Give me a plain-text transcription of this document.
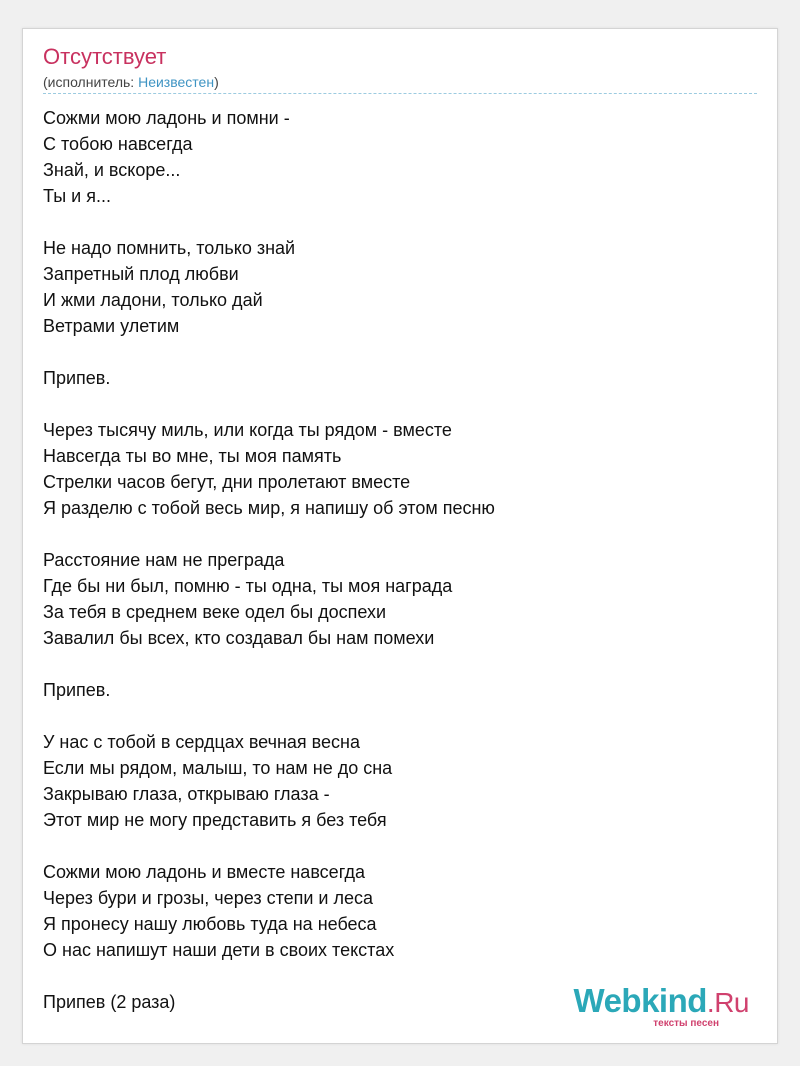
Отсутствует
(исполнитель: Неизвестен)
Сожми мою ладонь и помни -
С тобою навсегда
Знай, и вскоре...
Ты и я...
Не надо помнить, только знай
Запретный плод любви
И жми ладони, только дай
Ветрами улетим
Припев.
Через тысячу миль, или когда ты рядом - вместе
Навсегда ты во мне, ты моя память
Стрелки часов бегут, дни пролетают вместе
Я разделю с тобой весь мир, я напишу об этом песню
Расстояние нам не преграда
Где бы ни был, помню - ты одна, ты моя награда
За тебя в среднем веке одел бы доспехи
Завалил бы всех, кто создавал бы нам помехи
Припев.
У нас с тобой в сердцах вечная весна
Если мы рядом, малыш, то нам не до сна
Закрываю глаза, открываю глаза -
Этот мир не могу представить я без тебя
Сожми мою ладонь и вместе навсегда
Через бури и грозы, через степи и леса
Я пронесу нашу любовь туда на небеса
О нас напишут наши дети в своих текстах
Припев (2 раза)	Webkind.Ru
тексты песен
